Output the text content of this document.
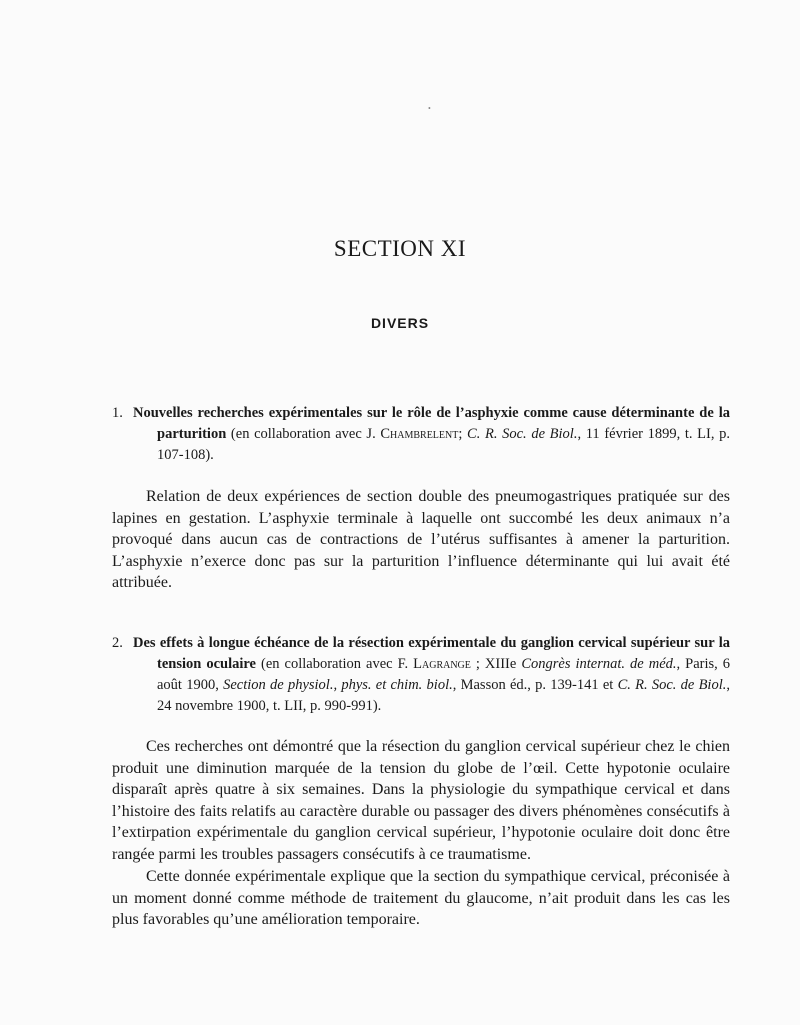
•
SECTION XI
DIVERS
1. Nouvelles recherches expérimentales sur le rôle de l’asphyxie comme cause déterminante de la parturition (en collaboration avec J. Chambrelent; C. R. Soc. de Biol., 11 février 1899, t. LI, p. 107-108).

Relation de deux expériences de section double des pneumogastriques pratiquée sur des lapines en gestation. L’asphyxie terminale à laquelle ont succombé les deux animaux n’a provoqué dans aucun cas de contractions de l’utérus suffisantes à amener la parturition. L’asphyxie n’exerce donc pas sur la parturition l’influence déterminante qui lui avait été attribuée.

2. Des effets à longue échéance de la résection expérimentale du ganglion cervical supérieur sur la tension oculaire (en collaboration avec F. Lagrange ; XIIIe Congrès internat. de méd., Paris, 6 août 1900, Section de physiol., phys. et chim. biol., Masson éd., p. 139-141 et C. R. Soc. de Biol., 24 novembre 1900, t. LII, p. 990-991).

Ces recherches ont démontré que la résection du ganglion cervical supérieur chez le chien produit une diminution marquée de la tension du globe de l’œil. Cette hypotonie oculaire disparaît après quatre à six semaines. Dans la physiologie du sympathique cervical et dans l’histoire des faits relatifs au caractère durable ou passager des divers phénomènes consécutifs à l’extirpation expérimentale du ganglion cervical supérieur, l’hypotonie oculaire doit donc être rangée parmi les troubles passagers consécutifs à ce traumatisme.

Cette donnée expérimentale explique que la section du sympathique cervical, préconisée à un moment donné comme méthode de traitement du glaucome, n’ait produit dans les cas les plus favorables qu’une amélioration temporaire.
